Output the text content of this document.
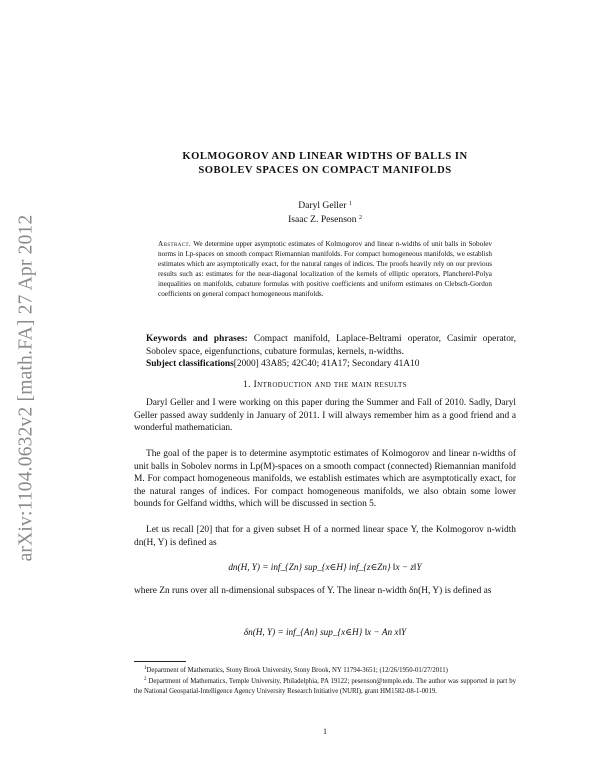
arXiv:1104.0632v2 [math.FA] 27 Apr 2012
KOLMOGOROV AND LINEAR WIDTHS OF BALLS IN
SOBOLEV SPACES ON COMPACT MANIFOLDS
Daryl Geller $^1$
Isaac Z. Pesenson $^2$
Abstract. We determine upper asymptotic estimates of Kolmogorov and linear n-widths of unit balls in Sobolev norms in Lp-spaces on smooth compact Riemannian manifolds. For compact homogeneous manifolds, we establish estimates which are asymptotically exact, for the natural ranges of indices. The proofs heavily rely on our previous results such as: estimates for the near-diagonal localization of the kernels of elliptic operators, Plancherel-Polya inequalities on manifolds, cubature formulas with positive coefficients and uniform estimates on Clebsch-Gordon coefficients on general compact homogeneous manifolds.
Keywords and phrases: Compact manifold, Laplace-Beltrami operator, Casimir operator, Sobolev space, eigenfunctions, cubature formulas, kernels, n-widths.
Subject classifications[2000] 43A85; 42C40; 41A17; Secondary 41A10
1. Introduction and the main results

Daryl Geller and I were working on this paper during the Summer and Fall of 2010. Sadly, Daryl Geller passed away suddenly in January of 2011. I will always remember him as a good friend and a wonderful mathematician.

The goal of the paper is to determine asymptotic estimates of Kolmogorov and linear n-widths of unit balls in Sobolev norms in Lp(M)-spaces on a smooth compact (connected) Riemannian manifold M. For compact homogeneous manifolds, we establish estimates which are asymptotically exact, for the natural ranges of indices. For compact homogeneous manifolds, we also obtain some lower bounds for Gelfand widths, which will be discussed in section 5.

Let us recall [20] that for a given subset H of a normed linear space Y, the Kolmogorov n-width dn(H, Y) is defined as

dn(H, Y) = inf_{Zn} sup_{x∈H} inf_{z∈Zn} ‖x − z‖Y

where Zn runs over all n-dimensional subspaces of Y. The linear n-width δn(H, Y) is defined as

δn(H, Y) = inf_{An} sup_{x∈H} ‖x − An x‖Y

$^1$Department of Mathematics, Stony Brook University, Stony Brook, NY 11794-3651; (12/26/1950-01/27/2011)

$^2$ Department of Mathematics, Temple University, Philadelphia, PA 19122; pesenson@temple.edu. The author was supported in part by the National Geospatial-Intelligence Agency University Research Initiative (NURI), grant HM1582-08-1-0019.

1
